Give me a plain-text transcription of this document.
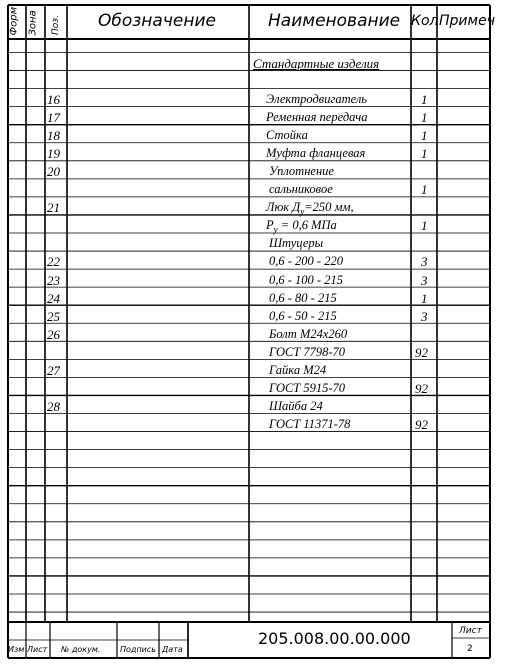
Форм. Зона Поз. Обозначение	Наименование Кол Примеч
Стандартные изделия
16	Электродвигатель	1
17	Ременная передача	1
18	Стойка	1
19	Муфта фланцевая	1
20	Уплотнение
сальниковое	1
21	Люк $Д_у=250$ мм,
$P_у = 0,6$ МПа	1
Штуцеры
22	0,6 - 200 - 220	3
23	0,6 - 100 - 215	3
24	0,6 - 80 - 215	1
25	0,6 - 50 - 215	3
26	Болт М24х260
ГОСТ 7798-70	92
27	Гайка М24
ГОСТ 5915-70	92
28	Шайба 24
ГОСТ 11371-78	92
Изм Лист № докум. Подпись Дата
205.008.00.00.000	Лист
2
